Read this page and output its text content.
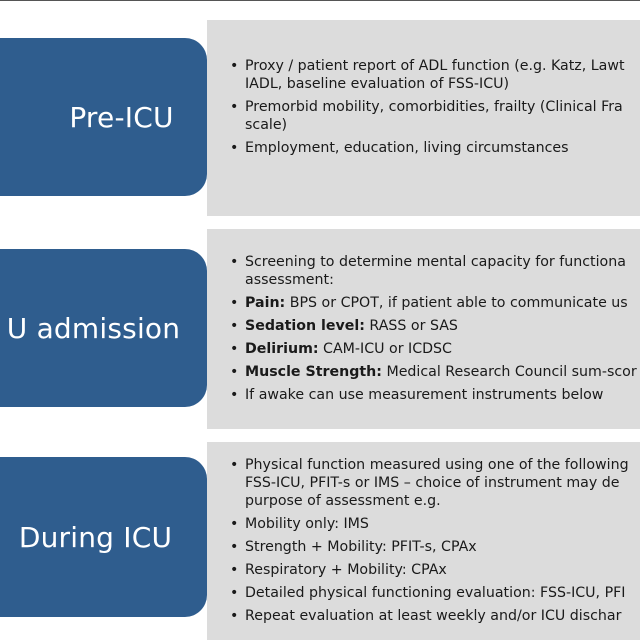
Pre-ICU
• Proxy / patient report of ADL function (e.g. Katz, Lawt
IADL, baseline evaluation of FSS-ICU)
• Premorbid mobility, comorbidities, frailty (Clinical Fra
scale)
• Employment, education, living circumstances
U admission
• Screening to determine mental capacity for functiona
assessment:
• Pain: BPS or CPOT, if patient able to communicate us
• Sedation level: RASS or SAS
• Delirium: CAM-ICU or ICDSC
• Muscle Strength: Medical Research Council sum-scor
• If awake can use measurement instruments below
During ICU
• Physical function measured using one of the following
FSS-ICU, PFIT-s or IMS – choice of instrument may de
purpose of assessment e.g.
• Mobility only: IMS
• Strength + Mobility: PFIT-s, CPAx
• Respiratory + Mobility: CPAx
• Detailed physical functioning evaluation: FSS-ICU, PFI
• Repeat evaluation at least weekly and/or ICU dischar
